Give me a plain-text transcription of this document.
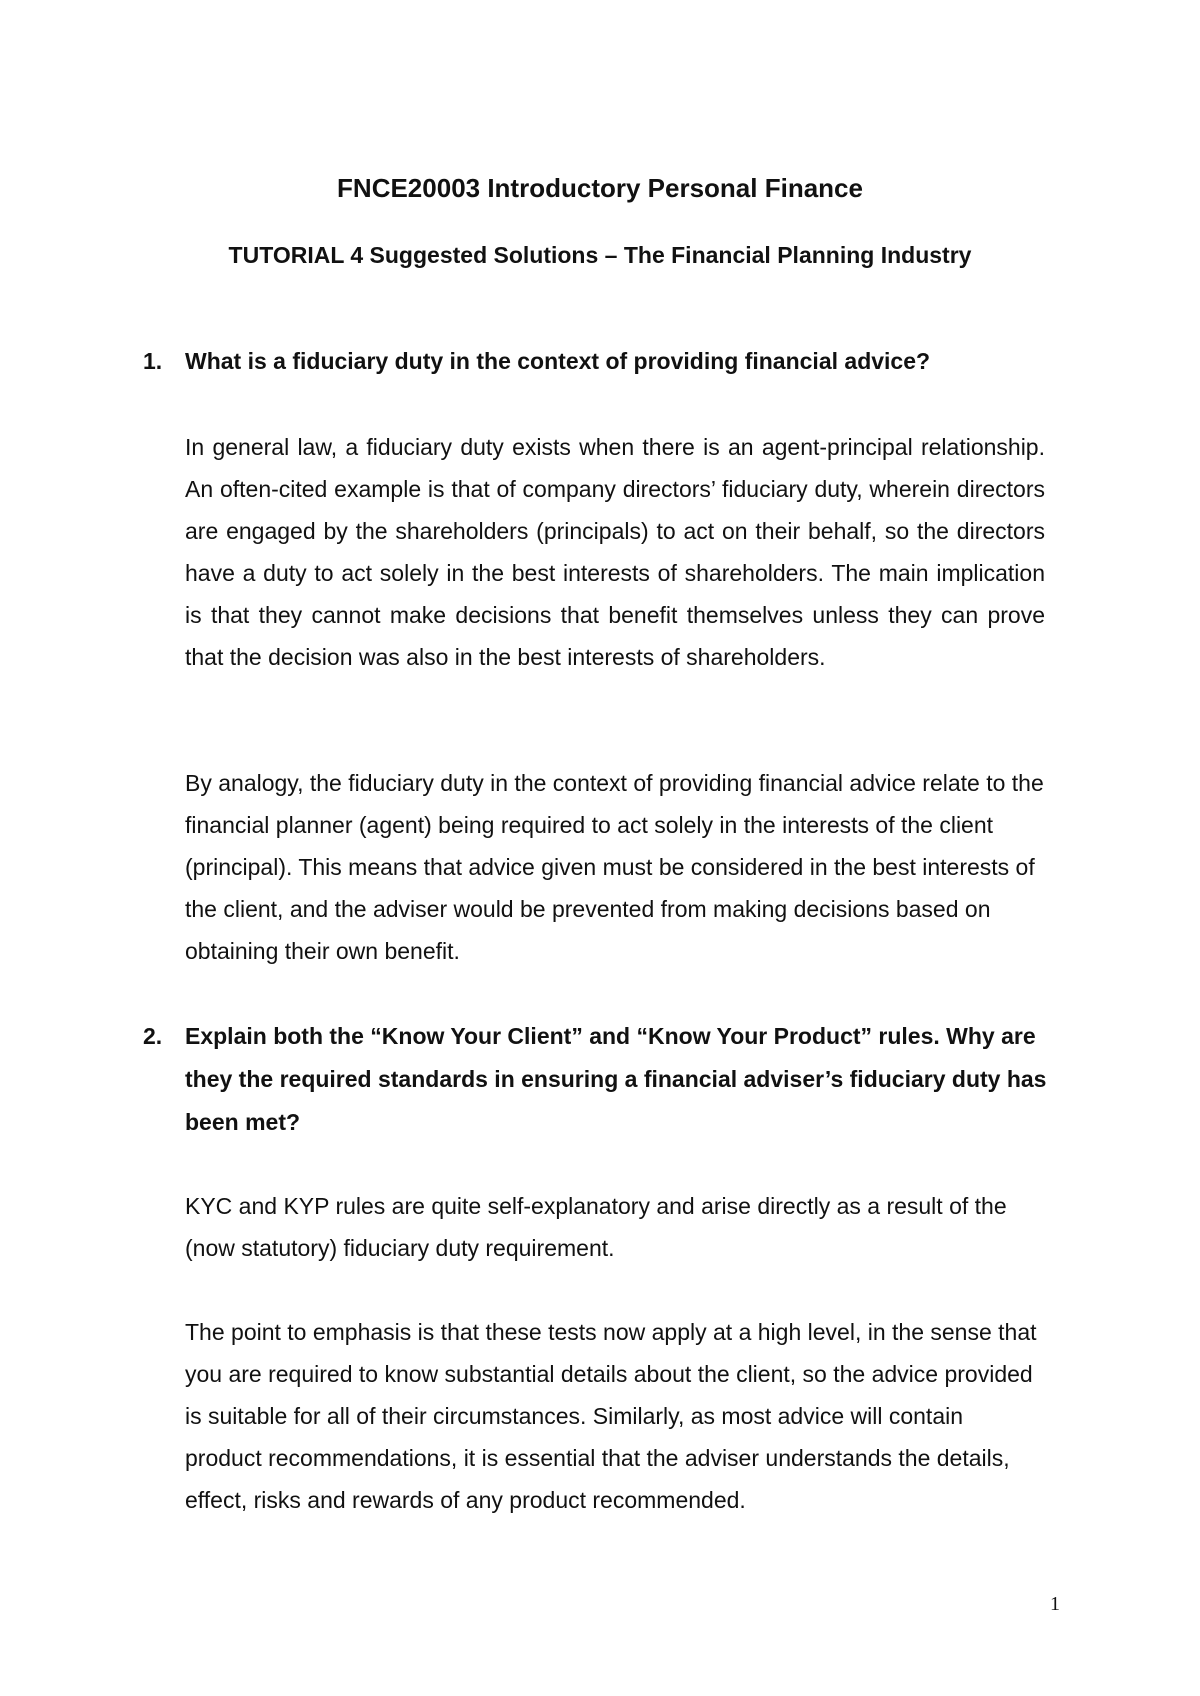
FNCE20003 Introductory Personal Finance
TUTORIAL 4 Suggested Solutions – The Financial Planning Industry
1. What is a fiduciary duty in the context of providing financial advice?
In general law, a fiduciary duty exists when there is an agent-principal relationship. An often-cited example is that of company directors’ fiduciary duty, wherein directors are engaged by the shareholders (principals) to act on their behalf, so the directors have a duty to act solely in the best interests of shareholders. The main implication is that they cannot make decisions that benefit themselves unless they can prove that the decision was also in the best interests of shareholders.
By analogy, the fiduciary duty in the context of providing financial advice relate to the financial planner (agent) being required to act solely in the interests of the client (principal). This means that advice given must be considered in the best interests of the client, and the adviser would be prevented from making decisions based on obtaining their own benefit.
2. Explain both the “Know Your Client” and “Know Your Product” rules. Why are they the required standards in ensuring a financial adviser’s fiduciary duty has been met?
KYC and KYP rules are quite self-explanatory and arise directly as a result of the (now statutory) fiduciary duty requirement.
The point to emphasis is that these tests now apply at a high level, in the sense that you are required to know substantial details about the client, so the advice provided is suitable for all of their circumstances. Similarly, as most advice will contain product recommendations, it is essential that the adviser understands the details, effect, risks and rewards of any product recommended.
1
